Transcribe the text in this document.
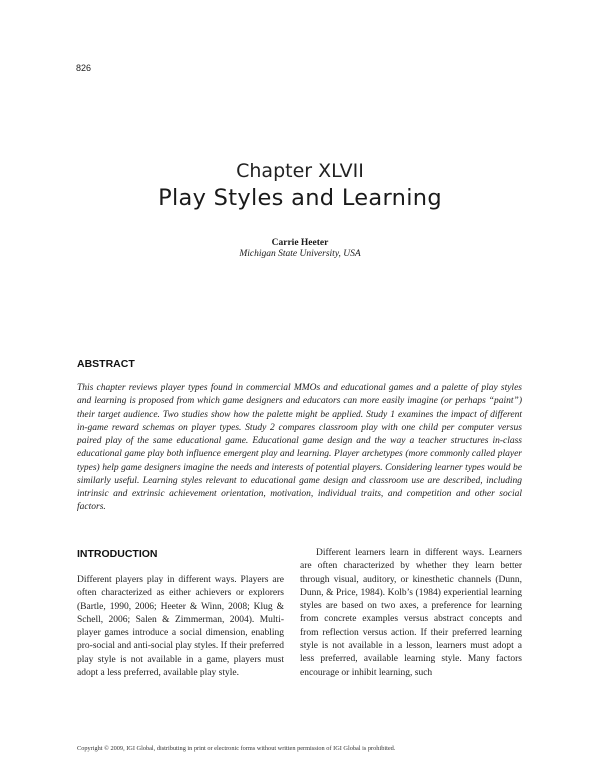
826
Chapter XLVII
Play Styles and Learning
Carrie Heeter
Michigan State University, USA
ABSTRACT
This chapter reviews player types found in commercial MMOs and educational games and a palette of play styles and learning is proposed from which game designers and educators can more easily imagine (or perhaps “paint”) their target audience. Two studies show how the palette might be applied. Study 1 examines the impact of different in-game reward schemas on player types. Study 2 compares classroom play with one child per computer versus paired play of the same educational game. Educational game design and the way a teacher structures in-class educational game play both influence emergent play and learning. Player archetypes (more commonly called player types) help game designers imagine the needs and interests of potential players. Considering learner types would be similarly useful. Learning styles relevant to educational game design and classroom use are described, including intrinsic and extrinsic achievement orientation, motivation, individual traits, and competition and other social factors.
INTRODUCTION
Different players play in different ways. Players are often characterized as either achievers or explorers (Bartle, 1990, 2006; Heeter & Winn, 2008; Klug & Schell, 2006; Salen & Zimmerman, 2004). Multi-player games introduce a social dimension, enabling pro-social and anti-social play styles. If their preferred play style is not available in a game, players must adopt a less preferred, available play style.
Different learners learn in different ways. Learners are often characterized by whether they learn better through visual, auditory, or kinesthetic channels (Dunn, Dunn, & Price, 1984). Kolb’s (1984) experiential learning styles are based on two axes, a preference for learning from concrete examples versus abstract concepts and from reflection versus action. If their preferred learning style is not available in a lesson, learners must adopt a less preferred, available learning style. Many factors encourage or inhibit learning, such
Copyright © 2009, IGI Global, distributing in print or electronic forms without written permission of IGI Global is prohibited.
